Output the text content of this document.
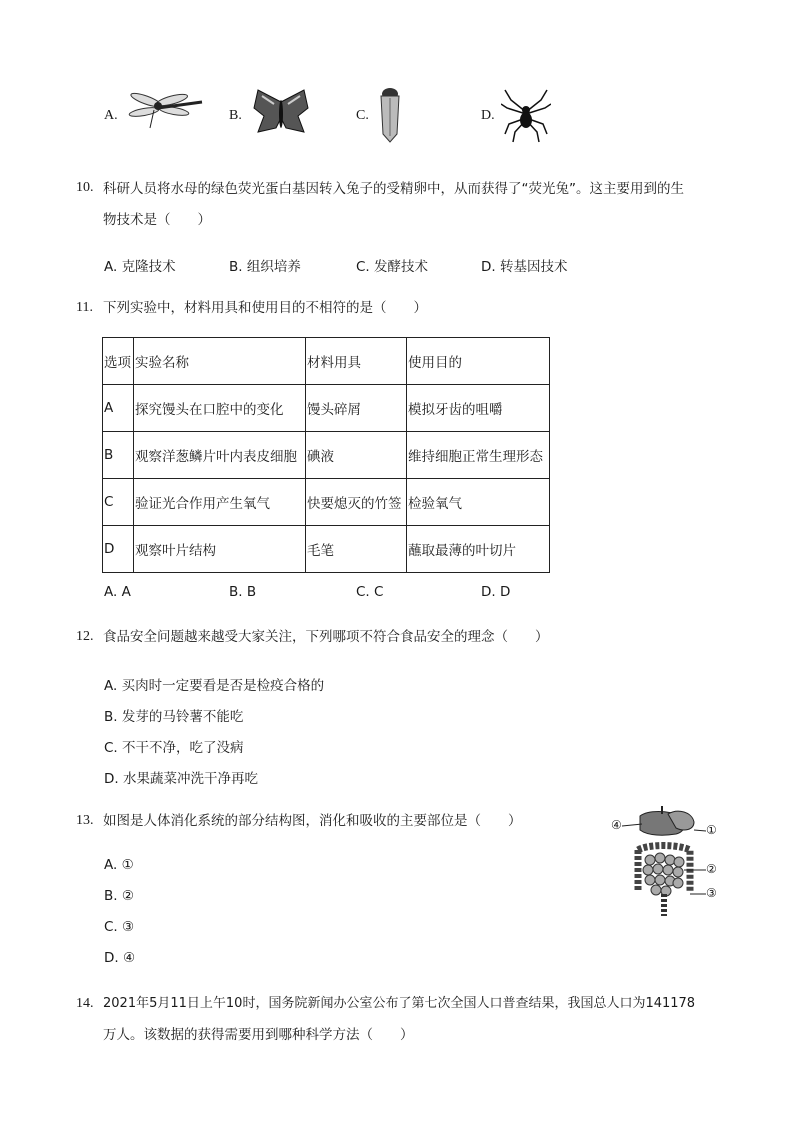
A.	B.	C.	D.
10. 科研人员将水母的绿色荧光蛋白基因转入兔子的受精卵中，从而获得了“荧光兔”。这主要用到的生
物技术是（　　）
A. 克隆技术	B. 组织培养	C. 发酵技术	D. 转基因技术
11. 下列实验中，材料用具和使用目的不相符的是（　　）
选项	实验名称	材料用具	使用目的
A	探究馒头在口腔中的变化	馒头碎屑	模拟牙齿的咀嚼
B	观察洋葱鳞片叶内表皮细胞	碘液	维持细胞正常生理形态
C	验证光合作用产生氧气	快要熄灭的竹签	检验氧气
D	观察叶片结构	毛笔	蘸取最薄的叶切片
A. A	B. B	C. C	D. D
12. 食品安全问题越来越受大家关注，下列哪项不符合食品安全的理念（　　）
A. 买肉时一定要看是否是检疫合格的
B. 发芽的马铃薯不能吃
C. 不干不净，吃了没病
D. 水果蔬菜冲洗干净再吃
13. 如图是人体消化系统的部分结构图，消化和吸收的主要部位是（　　）
A. ①
B. ②
C. ③
D. ④
④	①
②
③
14. 2021年5月11日上午10时，国务院新闻办公室公布了第七次全国人口普查结果，我国总人口为141178
万人。该数据的获得需要用到哪种科学方法（　　）
